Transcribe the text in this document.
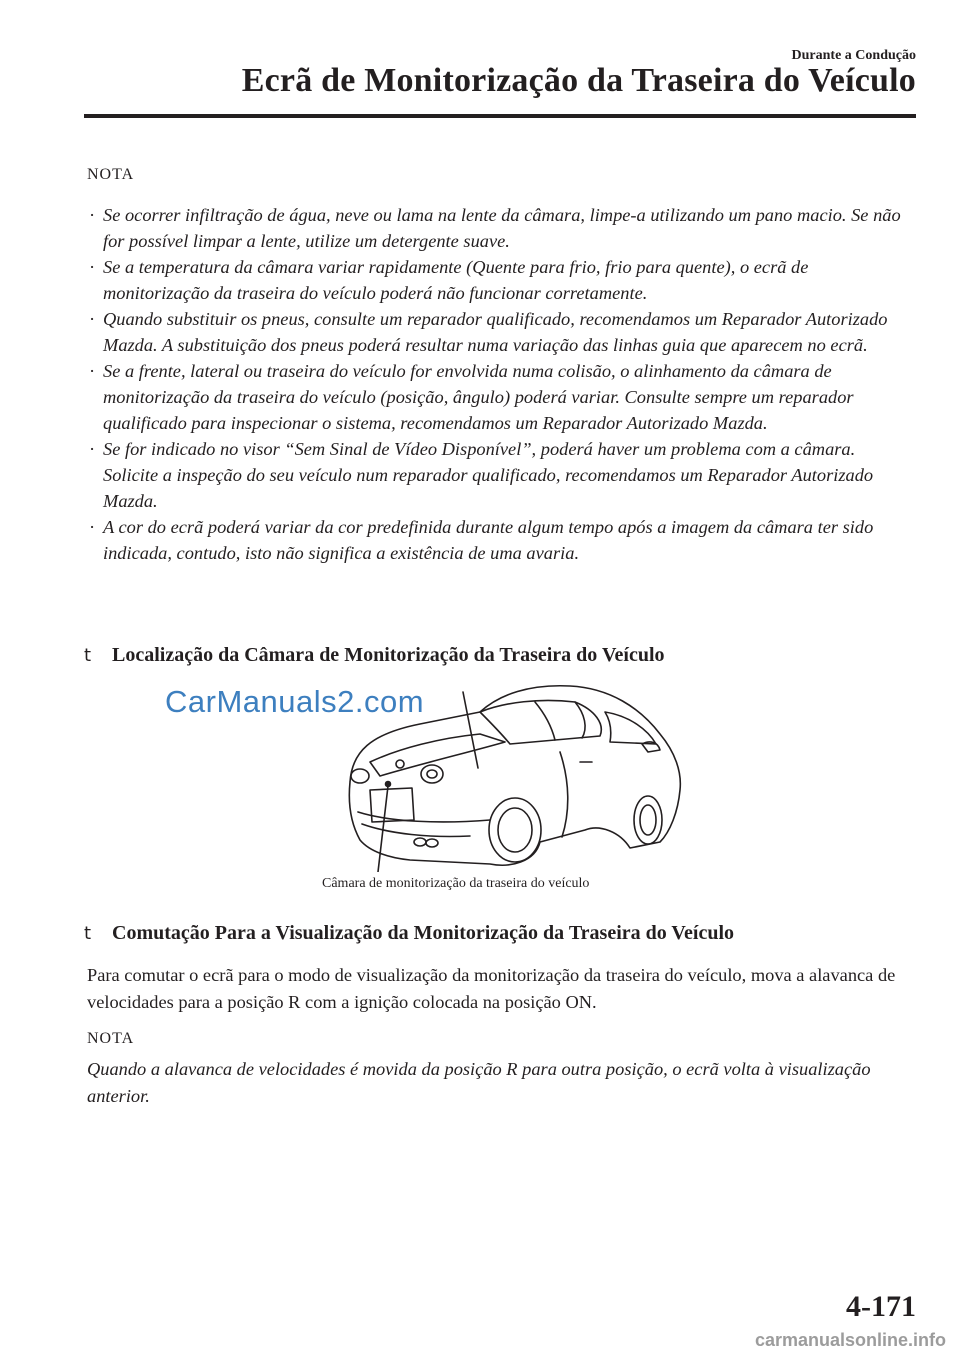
Durante a Condução
Ecrã de Monitorização da Traseira do Veículo
NOTA
· Se ocorrer infiltração de água, neve ou lama na lente da câmara, limpe-a utilizando um pano macio. Se não for possível limpar a lente, utilize um detergente suave.
· Se a temperatura da câmara variar rapidamente (Quente para frio, frio para quente), o ecrã de monitorização da traseira do veículo poderá não funcionar corretamente.
· Quando substituir os pneus, consulte um reparador qualificado, recomendamos um Reparador Autorizado Mazda. A substituição dos pneus poderá resultar numa variação das linhas guia que aparecem no ecrã.
· Se a frente, lateral ou traseira do veículo for envolvida numa colisão, o alinhamento da câmara de monitorização da traseira do veículo (posição, ângulo) poderá variar. Consulte sempre um reparador qualificado para inspecionar o sistema, recomendamos um Reparador Autorizado Mazda.
· Se for indicado no visor “Sem Sinal de Vídeo Disponível”, poderá haver um problema com a câmara. Solicite a inspeção do seu veículo num reparador qualificado, recomendamos um Reparador Autorizado Mazda.
· A cor do ecrã poderá variar da cor predefinida durante algum tempo após a imagem da câmara ter sido indicada, contudo, isto não significa a existência de uma avaria.
t Localização da Câmara de Monitorização da Traseira do Veículo
CarManuals2.com
Câmara de monitorização da traseira do veículo
t Comutação Para a Visualização da Monitorização da Traseira do Veículo
Para comutar o ecrã para o modo de visualização da monitorização da traseira do veículo, mova a alavanca de velocidades para a posição R com a ignição colocada na posição ON.
NOTA
Quando a alavanca de velocidades é movida da posição R para outra posição, o ecrã volta à visualização anterior.
4-171
carmanualsonline.info
